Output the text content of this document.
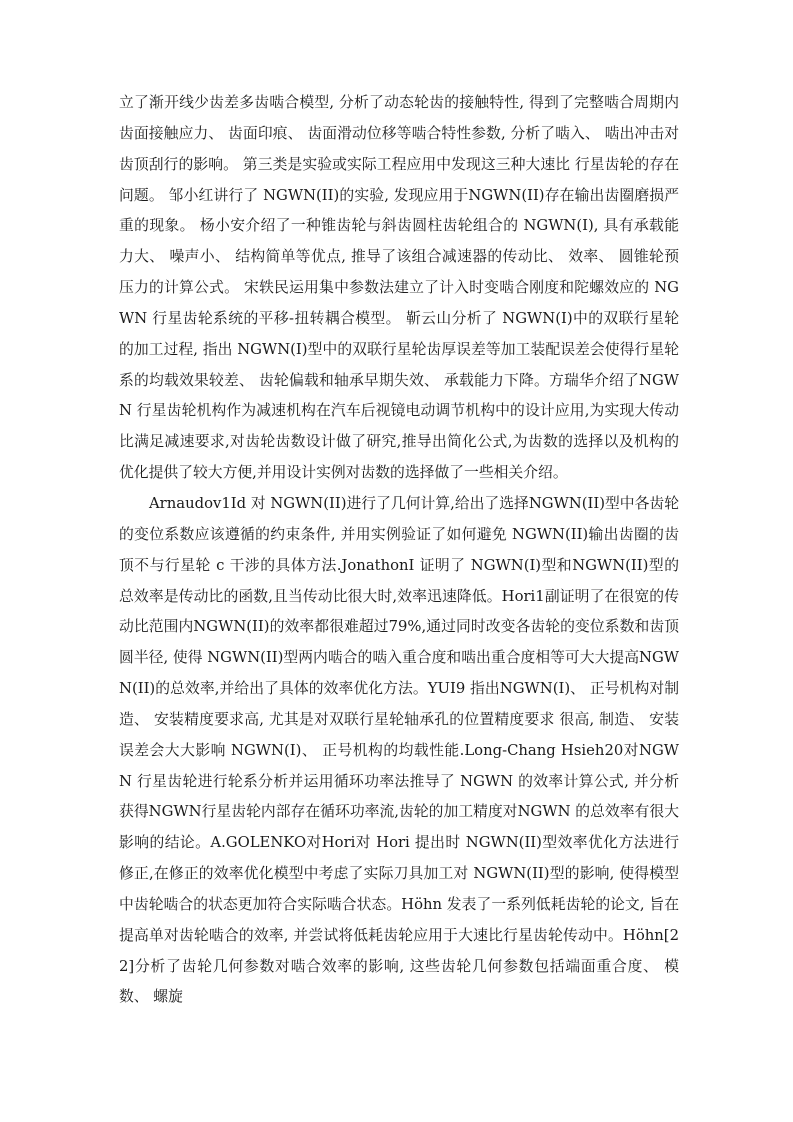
立了渐开线少齿差多齿啮合模型, 分析了动态轮齿的接触特性, 得到了完整啮合周期内齿面接触应力、 齿面印痕、 齿面滑动位移等啮合特性参数, 分析了啮入、 啮出冲击对齿顶刮行的影响。 第三类是实验或实际工程应用中发现这三种大速比 行星齿轮的存在问题。 邹小红讲行了 NGWN(II)的实验, 发现应用于NGWN(II)存在输出齿圈磨损严重的现象。 杨小安介绍了一种锥齿轮与斜齿圆柱齿轮组合的 NGWN(I), 具有承载能力大、 噪声小、 结构简单等优点, 推导了该组合减速器的传动比、 效率、 圆锥轮预压力的计算公式。 宋轶民运用集中参数法建立了计入时变啮合刚度和陀螺效应的 NGWN 行星齿轮系统的平移-扭转耦合模型。 靳云山分析了 NGWN(I)中的双联行星轮的加工过程, 指出 NGWN(I)型中的双联行星轮齿厚误差等加工装配误差会使得行星轮系的均载效果较差、 齿轮偏载和轴承早期失效、 承载能力下降。方瑞华介绍了NGWN 行星齿轮机构作为减速机构在汽车后视镜电动调节机构中的设计应用,为实现大传动比满足减速要求,对齿轮齿数设计做了研究,推导出简化公式,为齿数的选择以及机构的优化提供了较大方便,并用设计实例对齿数的选择做了一些相关介绍。

Arnaudov1Id 对 NGWN(II)进行了几何计算,给出了选择NGWN(II)型中各齿轮的变位系数应该遵循的约束条件, 并用实例验证了如何避免 NGWN(II)输出齿圈的齿顶不与行星轮 c 干涉的具体方法.JonathonI 证明了 NGWN(I)型和NGWN(II)型的总效率是传动比的函数,且当传动比很大时,效率迅速降低。Hori1副证明了在很宽的传动比范围内NGWN(II)的效率都很难超过79%,通过同时改变各齿轮的变位系数和齿顶圆半径, 使得 NGWN(II)型两内啮合的啮入重合度和啮出重合度相等可大大提高NGWN(II)的总效率,并给出了具体的效率优化方法。YUI9 指出NGWN(I)、 正号机构对制造、 安装精度要求高, 尤其是对双联行星轮轴承孔的位置精度要求 很高, 制造、 安装误差会大大影响 NGWN(I)、 正号机构的均载性能.Long-Chang Hsieh20对NGWN 行星齿轮进行轮系分析并运用循环功率法推导了 NGWN 的效率计算公式, 并分析获得NGWN行星齿轮内部存在循环功率流,齿轮的加工精度对NGWN 的总效率有很大影响的结论。A.GOLENKO对Hori对 Hori 提出时 NGWN(II)型效率优化方法进行修正,在修正的效率优化模型中考虑了实际刀具加工对 NGWN(II)型的影响, 使得模型中齿轮啮合的状态更加符合实际啮合状态。Höhn 发表了一系列低耗齿轮的论文, 旨在提高单对齿轮啮合的效率, 并尝试将低耗齿轮应用于大速比行星齿轮传动中。Höhn[22]分析了齿轮几何参数对啮合效率的影响, 这些齿轮几何参数包括端面重合度、 模数、 螺旋
